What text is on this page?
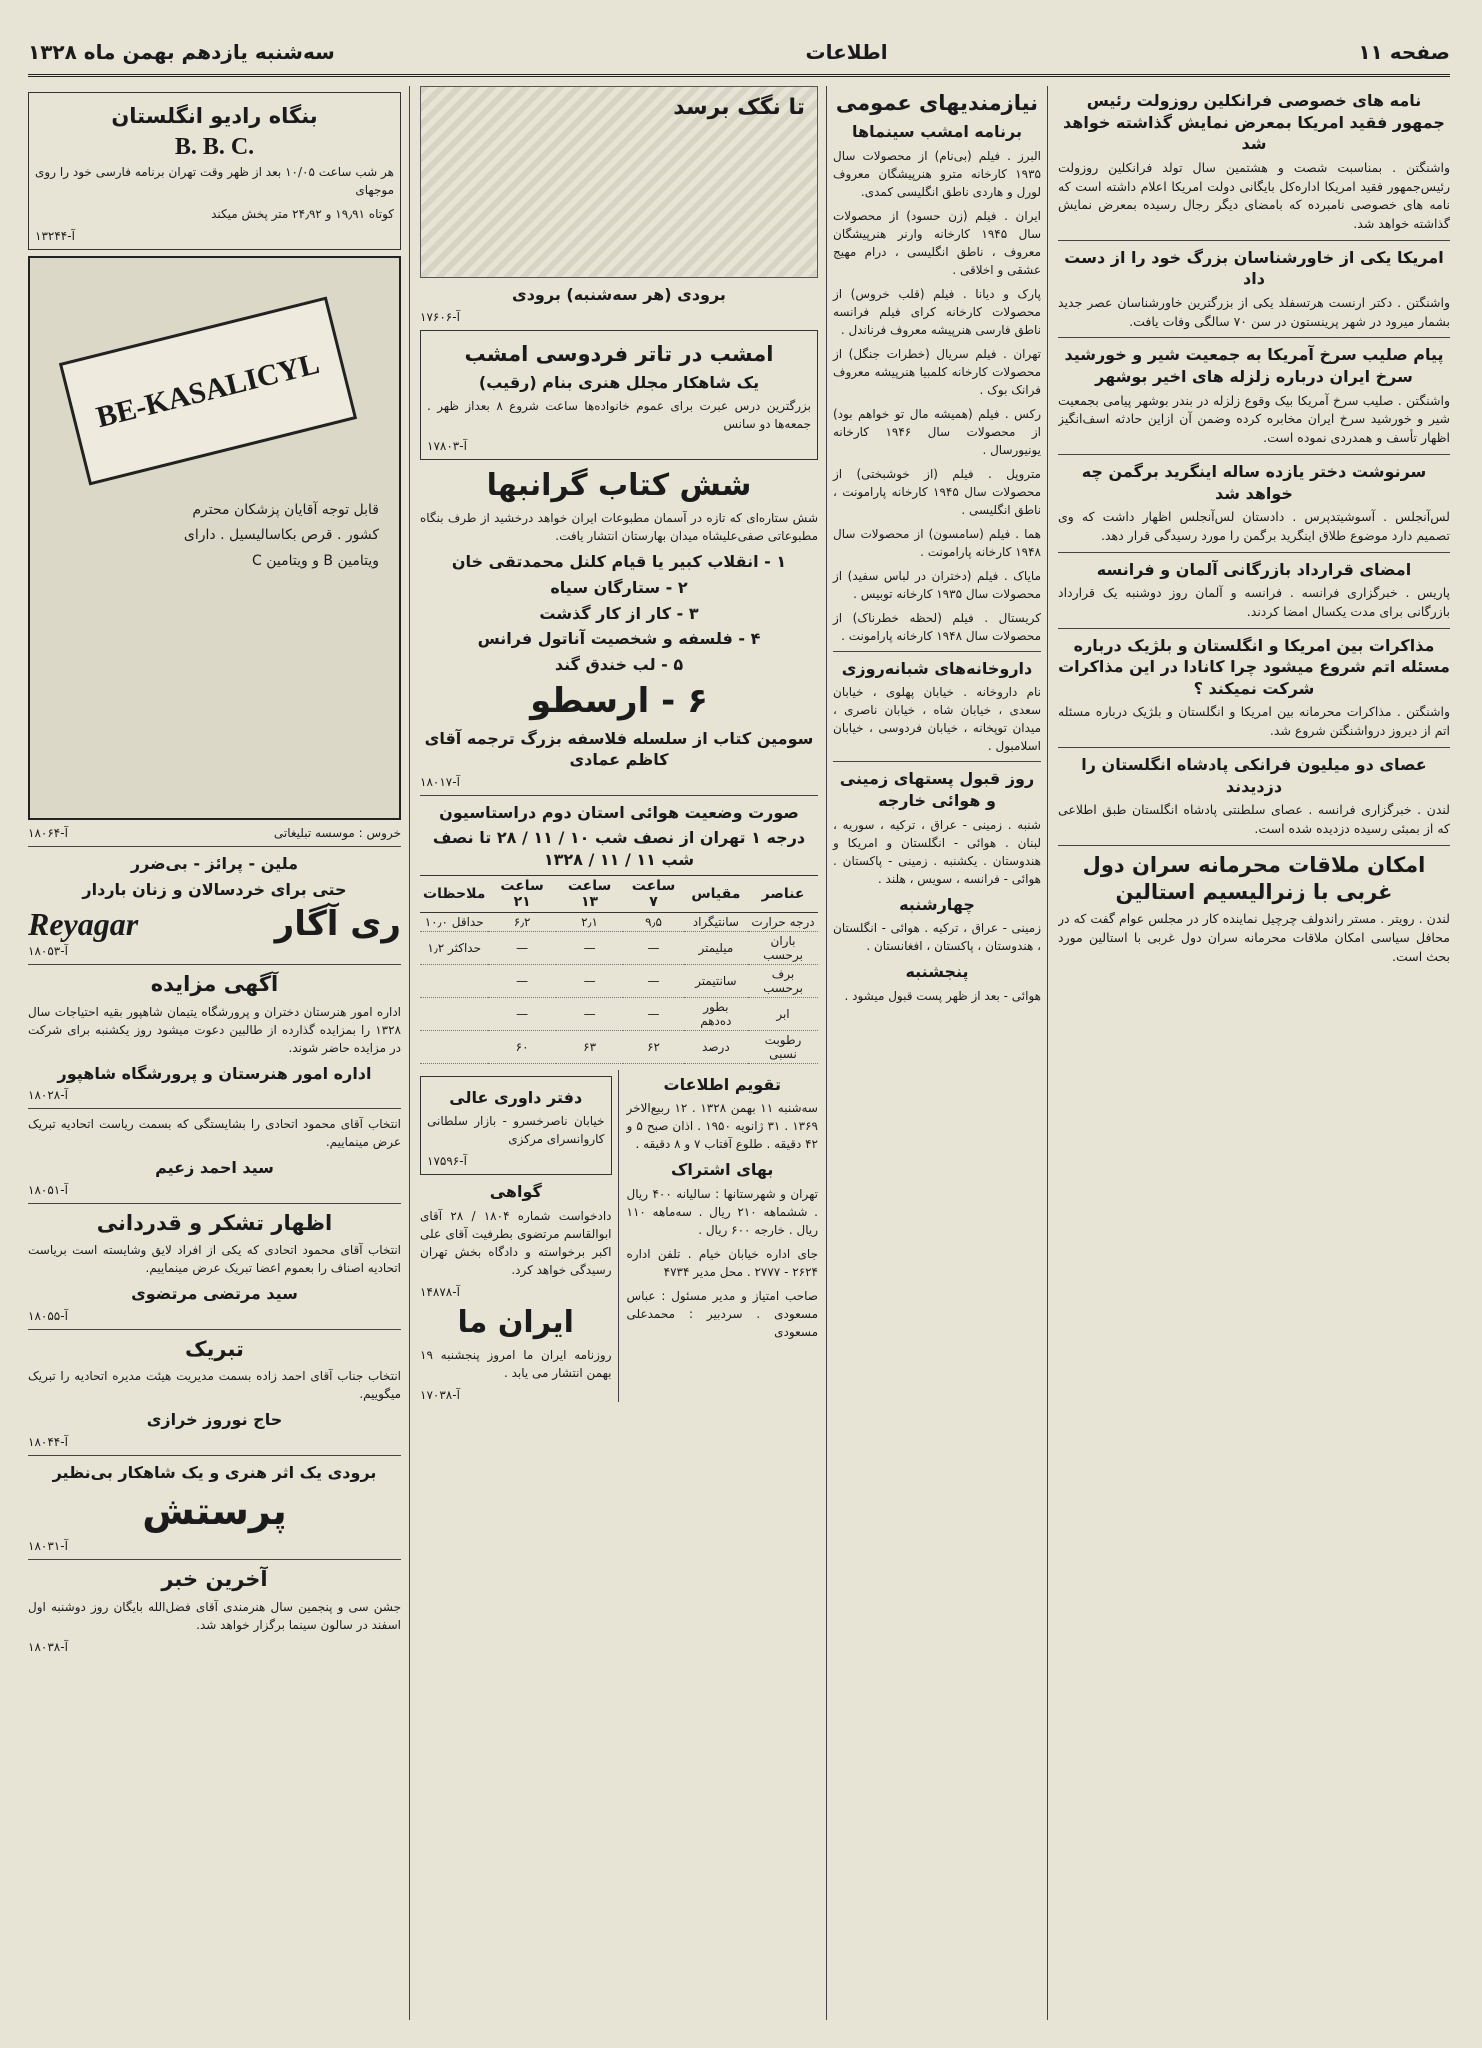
صفحه ۱۱
اطلاعات
سه‌شنبه یازدهم بهمن ماه ۱۳۲۸
نامه های خصوصی فرانکلین روزولت رئیس جمهور فقید امریکا بمعرض نمایش گذاشته خواهد شد

واشنگتن . بمناسبت شصت و هشتمین سال تولد فرانکلین روزولت رئیس‌جمهور فقید امریکا اداره‌کل بایگانی دولت امریکا اعلام داشته است که نامه های خصوصی نامبرده که بامضای دیگر رجال رسیده بمعرض نمایش گذاشته خواهد شد.

امریکا یکی از خاورشناسان بزرگ خود را از دست داد

واشنگتن . دکتر ارنست هرتسفلد یکی از بزرگترین خاورشناسان عصر جدید بشمار میرود در شهر پرینستون در سن ۷۰ سالگی وفات یافت.

پیام صلیب سرخ آمریکا به جمعیت شیر و خورشید سرخ ایران درباره زلزله های اخیر بوشهر

واشنگتن . صلیب سرخ آمریکا بیک وقوع زلزله در بندر بوشهر پیامی بجمعیت شیر و خورشید سرخ ایران مخابره کرده وضمن آن ازاین حادثه اسف‌انگیز اظهار تأسف و همدردی نموده است.

سرنوشت دختر یازده ساله اینگرید برگمن چه خواهد شد

لس‌آنجلس . آسوشیتدپرس . دادستان لس‌آنجلس اظهار داشت که وی تصمیم دارد موضوع طلاق اینگرید برگمن را مورد رسیدگی قرار دهد.

امضای قرارداد بازرگانی آلمان و فرانسه

پاریس . خبرگزاری فرانسه . فرانسه و آلمان روز دوشنبه یک قرارداد بازرگانی برای مدت یکسال امضا کردند.

مذاکرات بین امریکا و انگلستان و بلژیک درباره مسئله اتم شروع میشود چرا کانادا در این مذاکرات شرکت نمیکند ؟

واشنگتن . مذاکرات محرمانه بین امریکا و انگلستان و بلژیک درباره مسئله اتم از دیروز درواشنگتن شروع شد.

عصای دو میلیون فرانکی پادشاه انگلستان را دزدیدند

لندن . خبرگزاری فرانسه . عصای سلطنتی پادشاه انگلستان طبق اطلاعی که از بمبئی رسیده دزدیده شده است.

امکان ملاقات محرمانه سران دول غربی با زنرالیسیم استالین

لندن . رویتر . مستر راندولف چرچیل نماینده کار در مجلس عوام گفت که در محافل سیاسی امکان ملاقات محرمانه سران دول غربی با استالین مورد بحث است.

نیازمندیهای عمومی
برنامه امشب سینماها

البرز . فیلم (بی‌نام) از محصولات سال ۱۹۳۵ کارخانه مترو هنرپیشگان معروف لورل و هاردی ناطق انگلیسی کمدی.

ایران . فیلم (زن حسود) از محصولات سال ۱۹۴۵ کارخانه وارنر هنرپیشگان معروف ، ناطق انگلیسی ، درام مهیج عشقی و اخلاقی .

پارک و دیانا . فیلم (قلب خروس) از محصولات کارخانه کرای فیلم فرانسه ناطق فارسی هنرپیشه معروف فرناندل .

تهران . فیلم سریال (خطرات جنگل) از محصولات کارخانه کلمبیا هنرپیشه معروف فرانک بوک .

رکس . فیلم (همیشه مال تو خواهم بود) از محصولات سال ۱۹۴۶ کارخانه یونیورسال .

متروپل . فیلم (از خوشبختی) از محصولات سال ۱۹۴۵ کارخانه پارامونت ، ناطق انگلیسی .

هما . فیلم (سامسون) از محصولات سال ۱۹۴۸ کارخانه پارامونت .

مایاک . فیلم (دختران در لباس سفید) از محصولات سال ۱۹۳۵ کارخانه توبیس .

کریستال . فیلم (لحظه خطرناک) از محصولات سال ۱۹۴۸ کارخانه پارامونت .

داروخانه‌های شبانه‌روزی

نام داروخانه . خیابان پهلوی ، خیابان سعدی ، خیابان شاه ، خیابان ناصری ، میدان توپخانه ، خیابان فردوسی ، خیابان اسلامبول .

روز قبول پستهای زمینی و هوائی خارجه

شنبه . زمینی - عراق ، ترکیه ، سوریه ، لبنان . هوائی - انگلستان و امریکا و هندوستان . یکشنبه . زمینی - پاکستان . هوائی - فرانسه ، سویس ، هلند .

چهارشنبه

زمینی - عراق ، ترکیه . هوائی - انگلستان ، هندوستان ، پاکستان ، افغانستان .

پنجشنبه

هوائی - بعد از ظهر پست قبول میشود .

تا نگک برسد
برودی (هر سه‌شنبه) برودی
آ-۱۷۶۰۶
امشب در تاتر فردوسی امشب
یک شاهکار مجلل هنری بنام (رقیب)

بزرگترین درس عبرت برای عموم خانواده‌ها ساعت شروع ۸ بعداز ظهر . جمعه‌ها دو سانس

آ-۱۷۸۰۳
شش کتاب گرانبها

شش ستاره‌ای که تازه در آسمان مطبوعات ایران خواهد درخشید از طرف بنگاه مطبوعاتی صفی‌علیشاه میدان بهارستان انتشار یافت.

۱ - انقلاب کبیر یا قیام کلنل محمدتقی خان
۲ - ستارگان سیاه
۳ - کار از کار گذشت
۴ - فلسفه و شخصیت آناتول فرانس
۵ - لب خندق گند
۶ - ارسطو
سومین کتاب از سلسله فلاسفه بزرگ ترجمه آقای کاظم عمادی
آ-۱۸۰۱۷
صورت وضعیت هوائی استان دوم دراستاسیون
درجه ۱ تهران از نصف شب ۱۰ / ۱۱ / ۲۸ تا نصف شب ۱۱ / ۱۱ / ۱۳۲۸
عناصر	مقیاس	ساعت ۷	ساعت ۱۳	ساعت ۲۱	ملاحظات
درجه حرارت	سانتیگراد	۹٫۵	۲٫۱	۶٫۲	حداقل ۱۰٫۰
باران برحسب	میلیمتر	—	—	—	حداکثر ۱٫۲
برف برحسب	سانتیمتر	—	—	—	
ابر	بطور ده‌دهم	—	—	—	
رطوبت نسبی	درصد	۶۲	۶۳	۶۰	
تقویم اطلاعات

سه‌شنبه ۱۱ بهمن ۱۳۲۸ . ۱۲ ربیع‌الاخر ۱۳۶۹ . ۳۱ ژانویه ۱۹۵۰ . اذان صبح ۵ و ۴۲ دقیقه . طلوع آفتاب ۷ و ۸ دقیقه .

بهای اشتراک

تهران و شهرستانها : سالیانه ۴۰۰ ریال . ششماهه ۲۱۰ ریال . سه‌ماهه ۱۱۰ ریال . خارجه ۶۰۰ ریال .

جای اداره خیابان خیام . تلفن اداره ۲۶۲۴ - ۲۷۷۷ . محل مدیر ۴۷۳۴

صاحب امتیاز و مدیر مسئول : عباس مسعودی . سردبیر : محمدعلی مسعودی

دفتر داوری عالی

خیابان ناصرخسرو - بازار سلطانی کاروانسرای مرکزی

آ-۱۷۵۹۶
گواهی

دادخواست شماره ۱۸۰۴ / ۲۸ آقای ابوالقاسم مرتضوی بطرفیت آقای علی اکبر برخواسته و دادگاه بخش تهران رسیدگی خواهد کرد.

آ-۱۴۸۷۸
ایران ما

روزنامه ایران ما امروز پنجشنبه ۱۹ بهمن انتشار می یابد .

آ-۱۷۰۳۸
بنگاه رادیو انگلستان
B. B. C.

هر شب ساعت ۱۰/۰۵ بعد از ظهر وقت تهران برنامه فارسی خود را روی موجهای

کوتاه ۱۹٫۹۱ و ۲۴٫۹۲ متر پخش میکند

آ-۱۳۲۴۴
BE-KASALICYL
قابل توجه آقایان پزشکان محترم کشور . قرص بکاسالیسیل . دارای ویتامین B و ویتامین C
خروس : موسسه تبلیغاتی
آ-۱۸۰۶۴
ملین - پرائز - بی‌ضرر
حتی برای خردسالان و زنان باردار
ری آگار
Reyagar
آ-۱۸۰۵۳
آگهی مزایده

اداره امور هنرستان دختران و پرورشگاه یتیمان شاهپور بقیه احتیاجات سال ۱۳۲۸ را بمزایده گذارده از طالبین دعوت میشود روز یکشنبه برای شرکت در مزایده حاضر شوند.

اداره امور هنرستان و پرورشگاه شاهپور
آ-۱۸۰۲۸

انتخاب آقای محمود اتحادی را بشایستگی که بسمت ریاست اتحادیه تبریک عرض مینماییم.

سید احمد زعیم
آ-۱۸۰۵۱
اظهار تشکر و قدردانی

انتخاب آقای محمود اتحادی که یکی از افراد لایق وشایسته است بریاست اتحادیه اصناف را بعموم اعضا تبریک عرض مینماییم.

سید مرتضی مرتضوی
آ-۱۸۰۵۵
تبریک

انتخاب جناب آقای احمد زاده بسمت مدیریت هیئت مدیره اتحادیه را تبریک میگوییم.

حاج نوروز خرازی
آ-۱۸۰۴۴
برودی یک اثر هنری و یک شاهکار بی‌نظیر
پرستش
آ-۱۸۰۳۱
آخرین خبر

جشن سی و پنجمین سال هنرمندی آقای فضل‌الله بایگان روز دوشنبه اول اسفند در سالون سینما برگزار خواهد شد.

آ-۱۸۰۳۸
